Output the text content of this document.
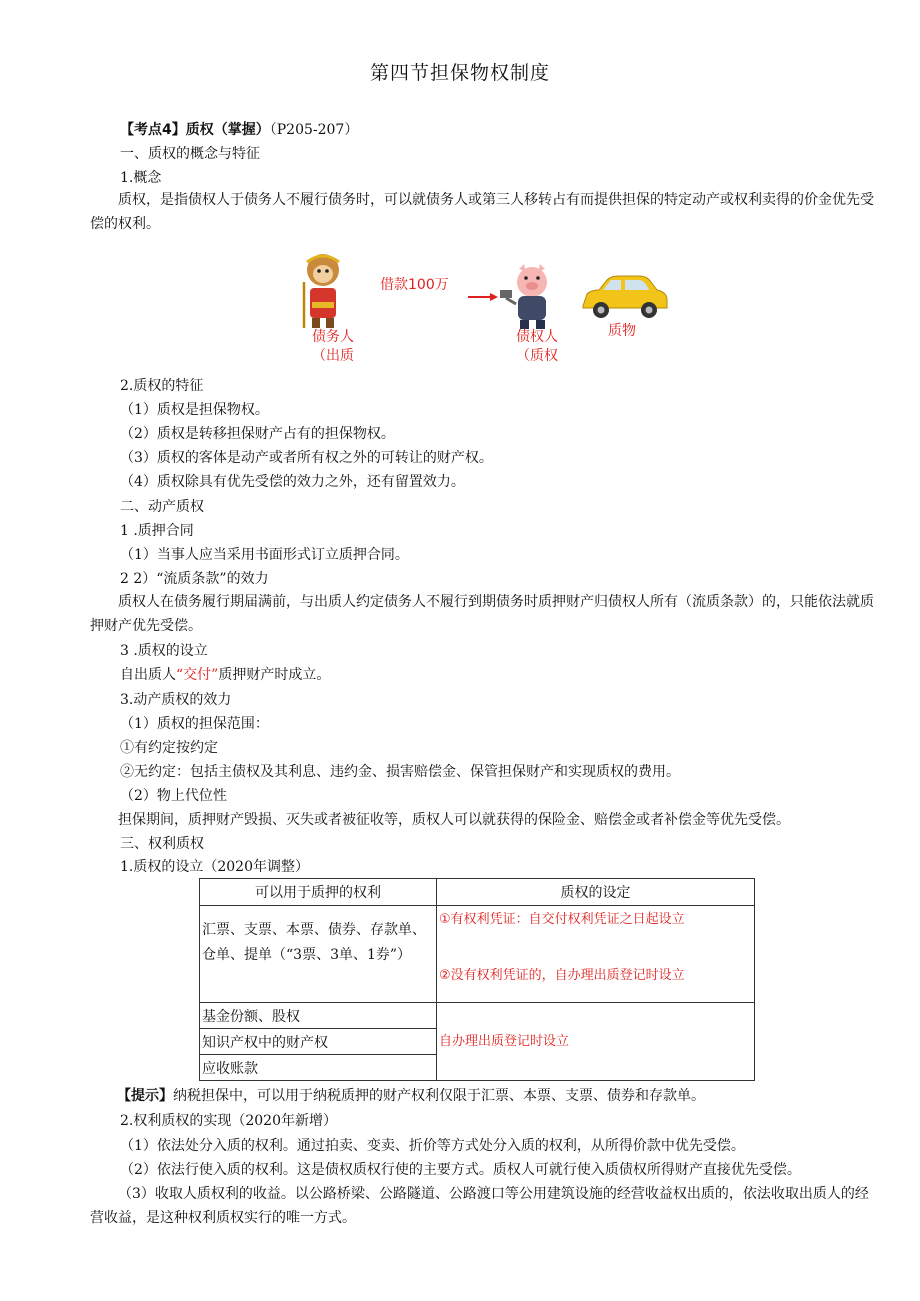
第四节担保物权制度
【考点4】质权（掌握）（P205-207）
一、质权的概念与特征
1.概念
质权，是指债权人于债务人不履行债务时，可以就债务人或第三人移转占有而提供担保的特定动产或权利卖得的价金优先受偿的权利。
借款100万
债务人
（出质
债权人
（质权
质物
2.质权的特征
（1）质权是担保物权。
（2）质权是转移担保财产占有的担保物权。
（3）质权的客体是动产或者所有权之外的可转让的财产权。
（4）质权除具有优先受偿的效力之外，还有留置效力。
二、动产质权
1 .质押合同
（1）当事人应当采用书面形式订立质押合同。
2 2）“流质条款”的效力
质权人在债务履行期届满前，与出质人约定债务人不履行到期债务时质押财产归债权人所有（流质条款）的，只能依法就质押财产优先受偿。
3 .质权的设立
自出质人“交付”质押财产时成立。
3.动产质权的效力
（1）质权的担保范围：
①有约定按约定
②无约定：包括主债权及其利息、违约金、损害赔偿金、保管担保财产和实现质权的费用。
（2）物上代位性
担保期间，质押财产毁损、灭失或者被征收等，质权人可以就获得的保险金、赔偿金或者补偿金等优先受偿。
三、权利质权
1.质权的设立（2020年调整）
可以用于质押的权利	质权的设定

汇票、支票、本票、债券、存款单、仓单、提单（“3票、3单、1券”）	①有权利凭证：自交付权利凭证之日起设立
②没有权利凭证的，自办理出质登记时设立

基金份额、股权	自办理出质登记时设立
知识产权中的财产权	
应收账款	
【提示】纳税担保中，可以用于纳税质押的财产权利仅限于汇票、本票、支票、债券和存款单。
2.权利质权的实现（2020年新增）
（1）依法处分入质的权利。通过拍卖、变卖、折价等方式处分入质的权利，从所得价款中优先受偿。
（2）依法行使入质的权利。这是债权质权行使的主要方式。质权人可就行使入质债权所得财产直接优先受偿。
（3）收取人质权利的收益。以公路桥梁、公路隧道、公路渡口等公用建筑设施的经营收益权出质的，依法收取出质人的经营收益，是这种权利质权实行的唯一方式。
